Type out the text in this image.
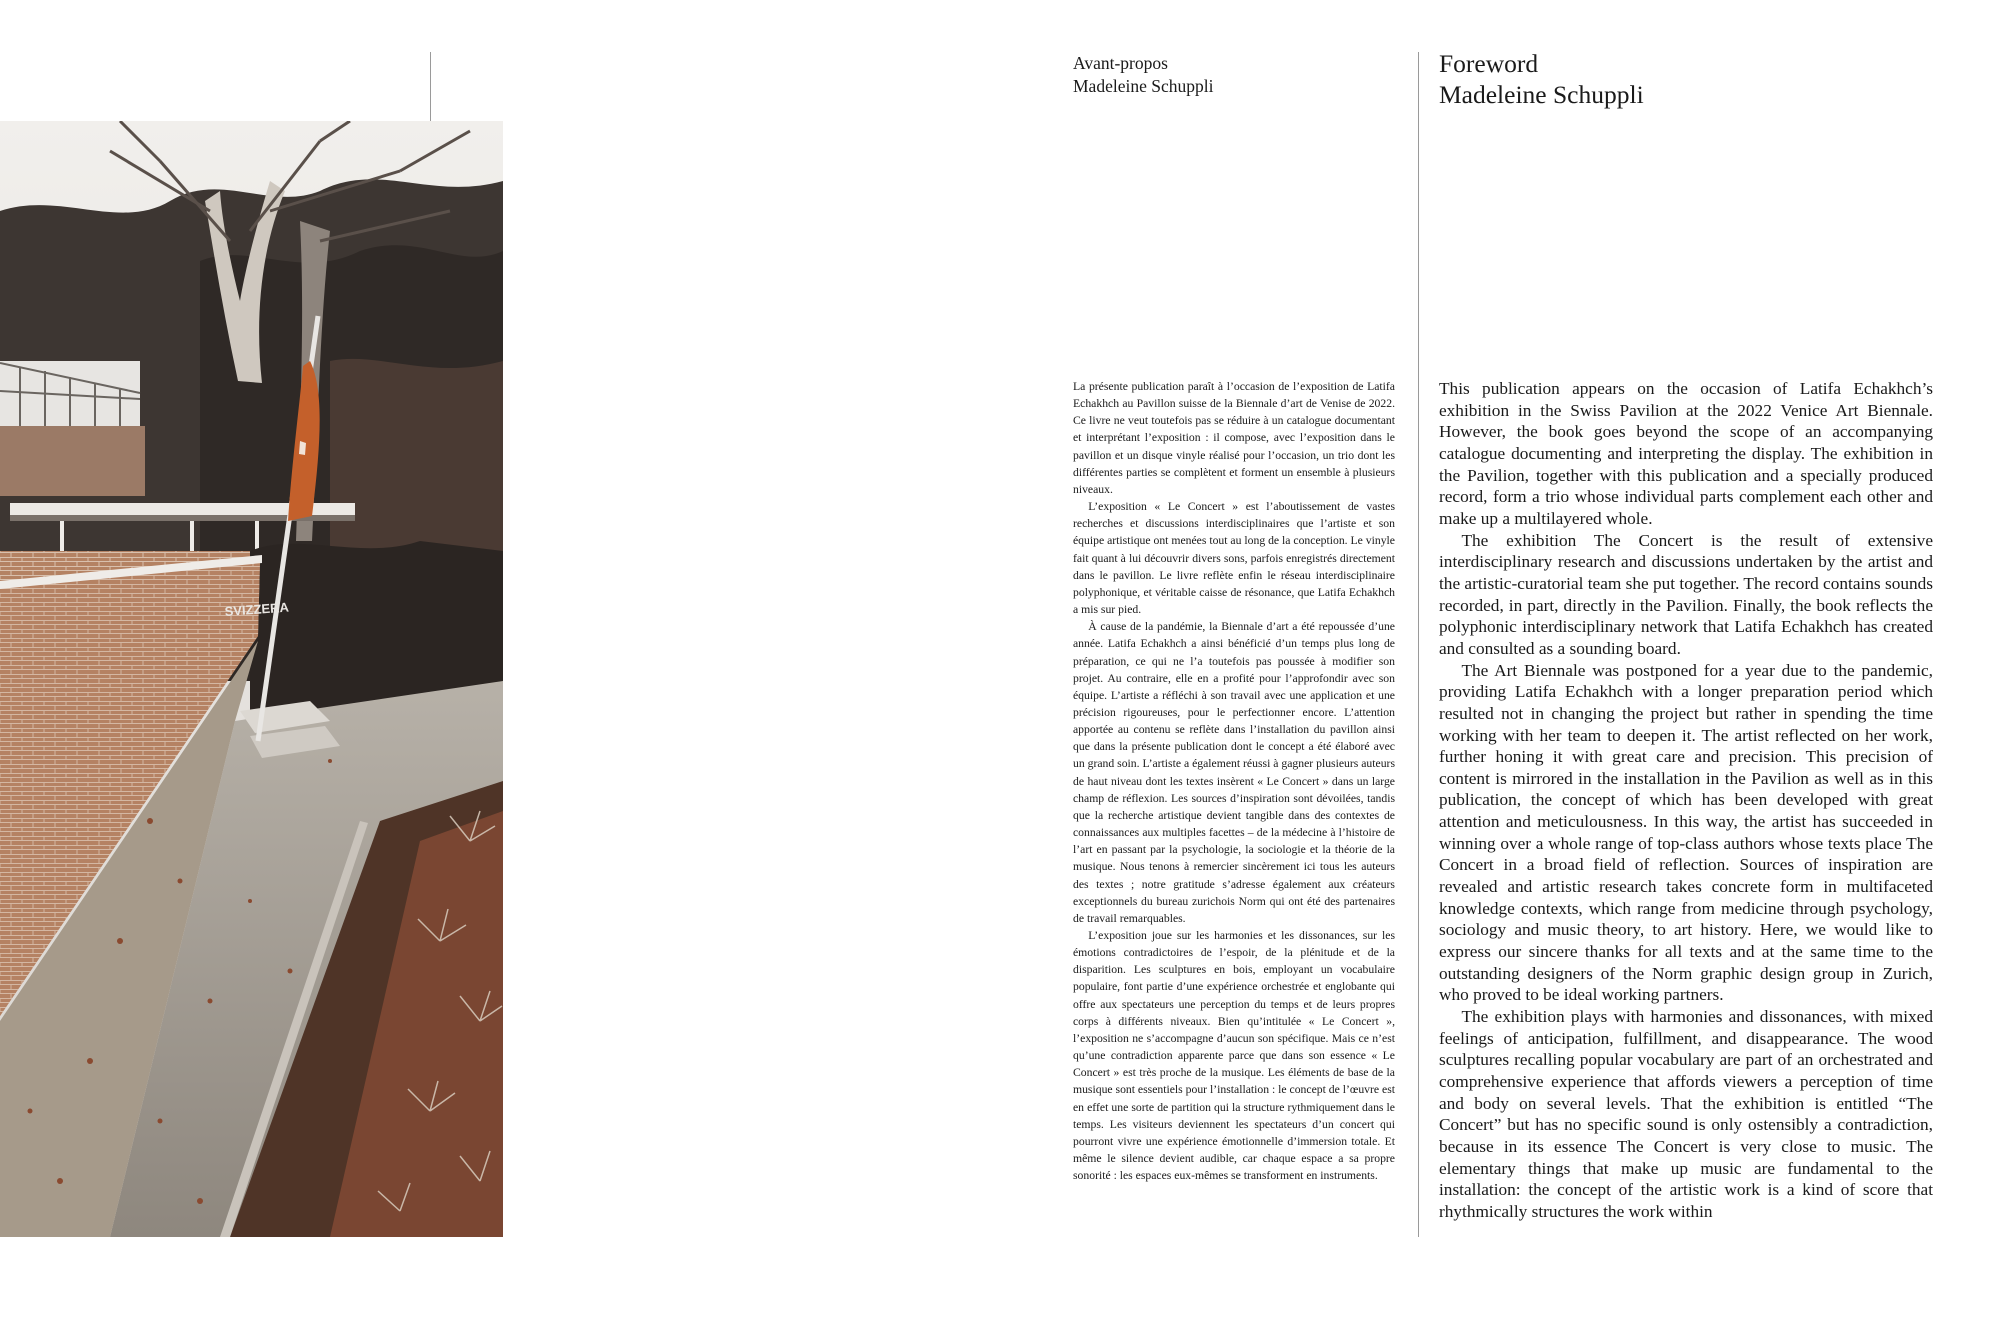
SVIZZERA
Avant-propos
Madeleine Schuppli
Foreword
Madeleine Schuppli

La présente publication paraît à l’occasion de l’exposition de Latifa Echakhch au Pavillon suisse de la Biennale d’art de Venise de 2022. Ce livre ne veut toutefois pas se réduire à un catalogue documentant et interprétant l’exposition : il compose, avec l’exposition dans le pavillon et un disque vinyle réalisé pour l’occasion, un trio dont les différentes parties se complètent et forment un ensemble à plusieurs niveaux.

L’exposition « Le Concert » est l’aboutissement de vastes recherches et discussions interdisciplinaires que l’artiste et son équipe artistique ont menées tout au long de la conception. Le vinyle fait quant à lui découvrir divers sons, parfois enregistrés directement dans le pavillon. Le livre reflète enfin le réseau interdisciplinaire polyphonique, et véritable caisse de résonance, que Latifa Echakhch a mis sur pied.

À cause de la pandémie, la Biennale d’art a été repoussée d’une année. Latifa Echakhch a ainsi bénéficié d’un temps plus long de préparation, ce qui ne l’a toutefois pas poussée à modifier son projet. Au contraire, elle en a profité pour l’approfondir avec son équipe. L’artiste a réfléchi à son travail avec une application et une précision rigoureuses, pour le perfectionner encore. L’attention apportée au contenu se reflète dans l’installation du pavillon ainsi que dans la présente publication dont le concept a été élaboré avec un grand soin. L’artiste a également réussi à gagner plusieurs auteurs de haut niveau dont les textes insèrent « Le Concert » dans un large champ de réflexion. Les sources d’inspiration sont dévoilées, tandis que la recherche artistique devient tangible dans des contextes de connaissances aux multiples facettes – de la médecine à l’histoire de l’art en passant par la psychologie, la sociologie et la théorie de la musique. Nous tenons à remercier sincèrement ici tous les auteurs des textes ; notre gratitude s’adresse également aux créateurs exceptionnels du bureau zurichois Norm qui ont été des partenaires de travail remarquables.

L’exposition joue sur les harmonies et les dissonances, sur les émotions contradictoires de l’espoir, de la plénitude et de la disparition. Les sculptures en bois, employant un vocabulaire populaire, font partie d’une expérience orchestrée et englobante qui offre aux spectateurs une perception du temps et de leurs propres corps à différents niveaux. Bien qu’intitulée « Le Concert », l’exposition ne s’accompagne d’aucun son spécifique. Mais ce n’est qu’une contradiction apparente parce que dans son essence « Le Concert » est très proche de la musique. Les éléments de base de la musique sont essentiels pour l’installation : le concept de l’œuvre est en effet une sorte de partition qui la structure rythmiquement dans le temps. Les visiteurs deviennent les spectateurs d’un concert qui pourront vivre une expérience émotionnelle d’immersion totale. Et même le silence devient audible, car chaque espace a sa propre sonorité : les espaces eux-mêmes se transforment en instruments.

This publication appears on the occasion of Latifa Echakhch’s exhibition in the Swiss Pavilion at the 2022 Venice Art Biennale. However, the book goes beyond the scope of an accompanying catalogue documenting and interpreting the display. The exhibition in the Pavilion, together with this publication and a specially produced record, form a trio whose individual parts complement each other and make up a multilayered whole.

The exhibition The Concert is the result of extensive interdisciplinary research and discussions undertaken by the artist and the artistic-curatorial team she put together. The record contains sounds recorded, in part, directly in the Pavilion. Finally, the book reflects the polyphonic interdisciplinary network that Latifa Echakhch has created and consulted as a sounding board.

The Art Biennale was postponed for a year due to the pandemic, providing Latifa Echakhch with a longer preparation period which resulted not in changing the project but rather in spending the time working with her team to deepen it. The artist reflected on her work, further honing it with great care and precision. This precision of content is mirrored in the installation in the Pavilion as well as in this publication, the concept of which has been developed with great attention and meticulousness. In this way, the artist has succeeded in winning over a whole range of top-class authors whose texts place The Concert in a broad field of reflection. Sources of inspiration are revealed and artistic research takes concrete form in multifaceted knowledge contexts, which range from medicine through psychology, sociology and music theory, to art history. Here, we would like to express our sincere thanks for all texts and at the same time to the outstanding designers of the Norm graphic design group in Zurich, who proved to be ideal working partners.

The exhibition plays with harmonies and dissonances, with mixed feelings of anticipation, fulfillment, and disappearance. The wood sculptures recalling popular vocabulary are part of an orchestrated and comprehensive experience that affords viewers a perception of time and body on several levels. That the exhibition is entitled “The Concert” but has no specific sound is only ostensibly a contradiction, because in its essence The Concert is very close to music. The elementary things that make up music are fundamental to the installation: the concept of the artistic work is a kind of score that rhythmically structures the work within
